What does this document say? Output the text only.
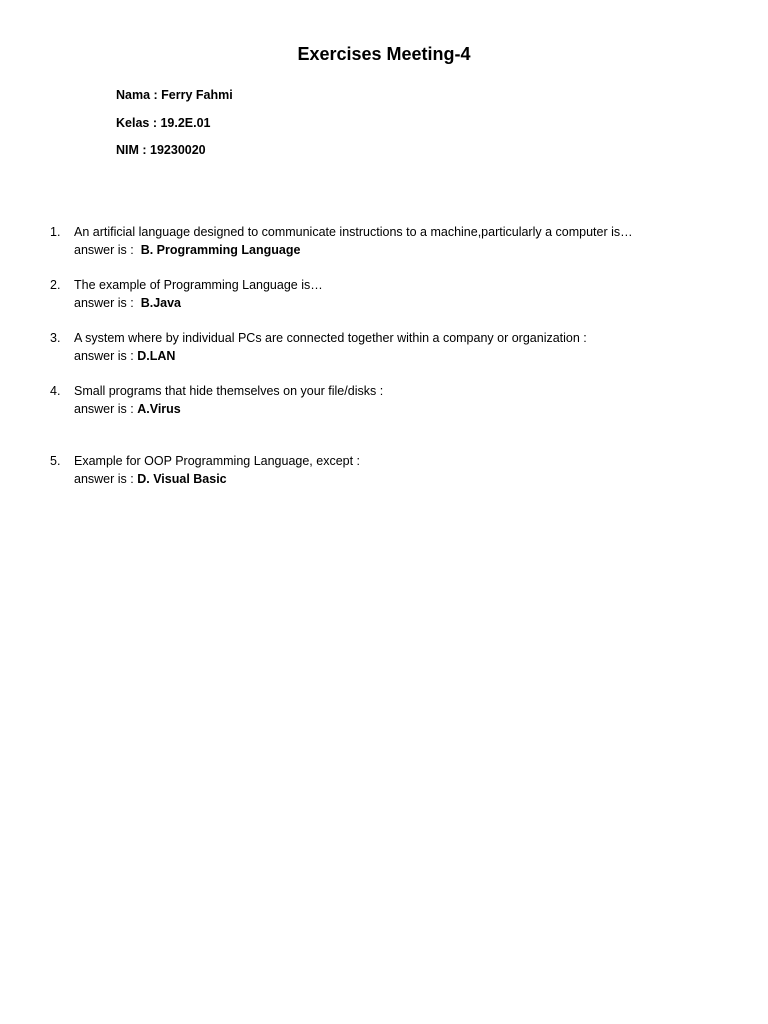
Exercises Meeting-4
Nama : Ferry Fahmi
Kelas : 19.2E.01
NIM : 19230020
1.	An artificial language designed to communicate instructions to a machine,particularly a computer is…
answer is :  B. Programming Language
2.	The example of Programming Language is…
answer is :  B.Java
3.	A system where by individual PCs are connected together within a company or organization :
answer is : D.LAN
4.	Small programs that hide themselves on your file/disks :
answer is : A.Virus
5.	Example for OOP Programming Language, except :
answer is : D. Visual Basic
